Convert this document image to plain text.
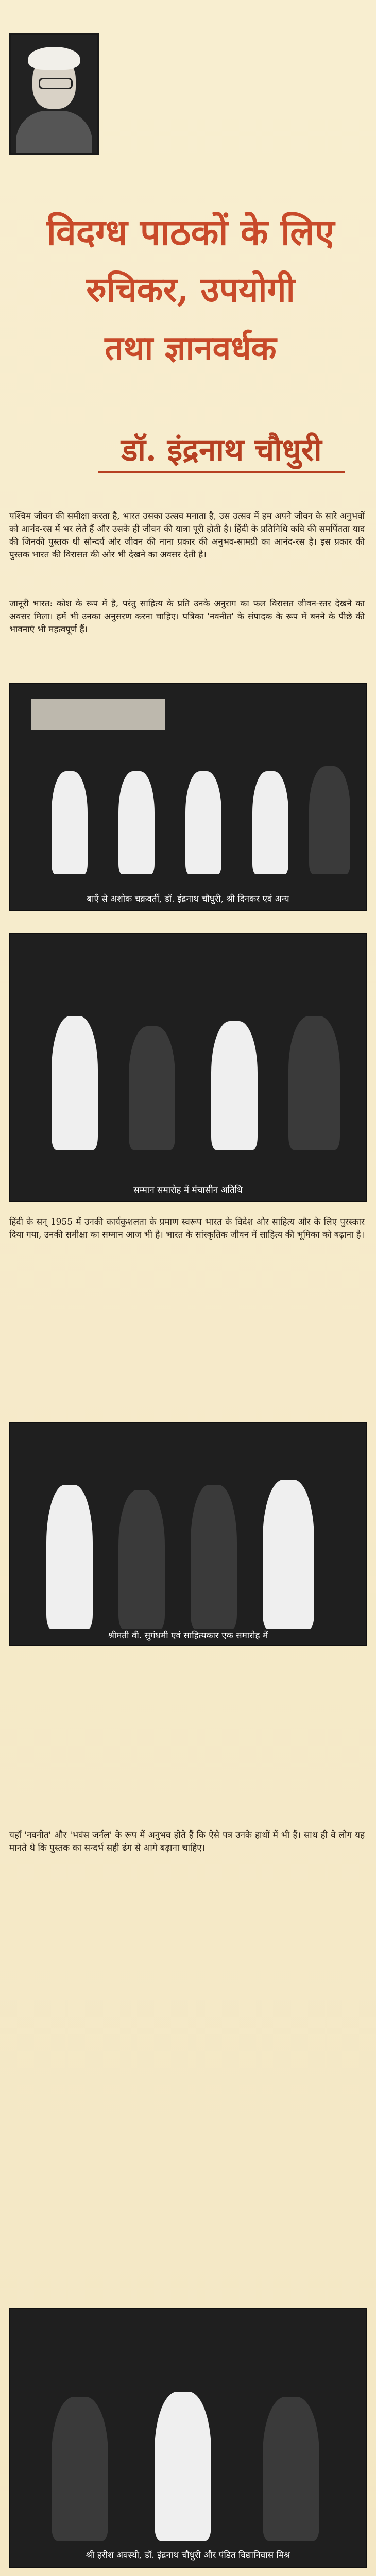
विदग्ध पाठकों के लिए
रुचिकर, उपयोगी
तथा ज्ञानवर्धक
डॉ. इंद्रनाथ चौधुरी
पश्चिम जीवन की समीक्षा करता है, भारत उसका उत्सव मनाता है, उस उत्सव में हम अपने जीवन के सारे अनुभवों को आनंद-रस में भर लेते हैं और उसके ही जीवन की यात्रा पूरी होती है। हिंदी के प्रतिनिधि कवि की समर्पितता याद की जिनकी पुस्तक थी सौन्दर्य और जीवन की नाना प्रकार की अनुभव-सामग्री का आनंद-रस है। इस प्रकार की पुस्तक भारत की विरासत की ओर भी देखने का अवसर देती है।
जानूरी भारत: कोश के रूप में है, परंतु साहित्य के प्रति उनके अनुराग का फल विरासत जीवन-स्तर देखने का अवसर मिला। हमें भी उनका अनुसरण करना चाहिए। पत्रिका 'नवनीत' के संपादक के रूप में बनने के पीछे की भावनाएं भी महत्वपूर्ण हैं।
बाएँ से अशोक चक्रवर्ती, डॉ. इंद्रनाथ चौधुरी, श्री दिनकर एवं अन्य
सम्मान समारोह में मंचासीन अतिथि
हिंदी के सन् 1955 में उनकी कार्यकुशलता के प्रमाण स्वरूप भारत के विदेश और साहित्य और के लिए पुरस्कार दिया गया, उनकी समीक्षा का सम्मान आज भी है। भारत के सांस्कृतिक जीवन में साहित्य की भूमिका को बढ़ाना है।
श्रीमती वी. सुगंधमी एवं साहित्यकार एक समारोह में
यहाँ 'नवनीत' और 'भवंस जर्नल' के रूप में अनुभव होते हैं कि ऐसे पत्र उनके हाथों में भी हैं। साथ ही वे लोग यह मानते थे कि पुस्तक का सन्दर्भ सही ढंग से आगे बढ़ाना चाहिए।
श्री हरीश अवस्थी, डॉ. इंद्रनाथ चौधुरी और पंडित विद्यानिवास मिश्र
